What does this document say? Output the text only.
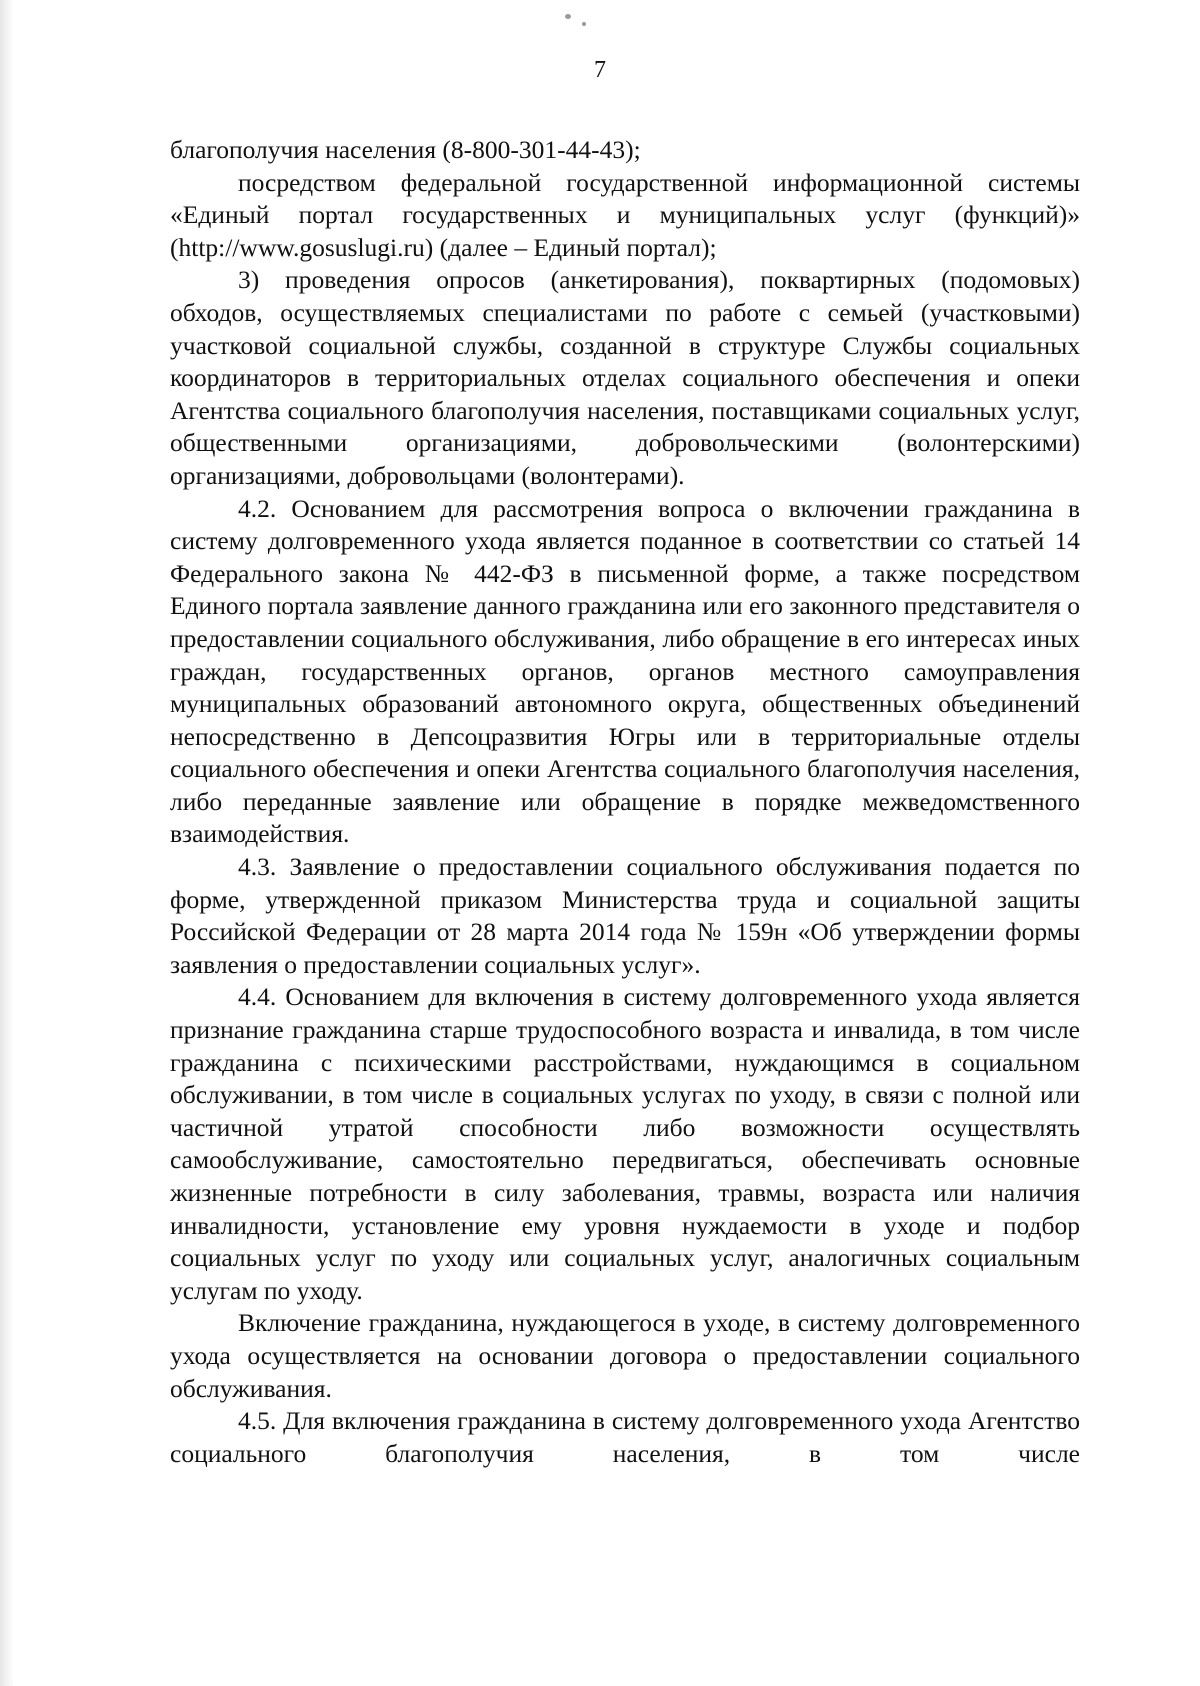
7

благополучия населения (8-800-301-44-43);

посредством федеральной государственной информационной системы «Единый портал государственных и муниципальных услуг (функций)» (http://www.gosuslugi.ru) (далее – Единый портал);

3) проведения опросов (анкетирования), поквартирных (подомовых) обходов, осуществляемых специалистами по работе с семьей (участковыми) участковой социальной службы, созданной в структуре Службы социальных координаторов в территориальных отделах социального обеспечения и опеки Агентства социального благополучия населения, поставщиками социальных услуг, общественными организациями, добровольческими (волонтерскими) организациями, добровольцами (волонтерами).

4.2. Основанием для рассмотрения вопроса о включении гражданина в систему долговременного ухода является поданное в соответствии со статьей 14 Федерального закона № 442-ФЗ в письменной форме, а также посредством Единого портала заявление данного гражданина или его законного представителя о предоставлении социального обслуживания, либо обращение в его интересах иных граждан, государственных органов, органов местного самоуправления муниципальных образований автономного округа, общественных объединений непосредственно в Депсоцразвития Югры или в территориальные отделы социального обеспечения и опеки Агентства социального благополучия населения, либо переданные заявление или обращение в порядке межведомственного взаимодействия.

4.3. Заявление о предоставлении социального обслуживания подается по форме, утвержденной приказом Министерства труда и социальной защиты Российской Федерации от 28 марта 2014 года № 159н «Об утверждении формы заявления о предоставлении социальных услуг».

4.4. Основанием для включения в систему долговременного ухода является признание гражданина старше трудоспособного возраста и инвалида, в том числе гражданина с психическими расстройствами, нуждающимся в социальном обслуживании, в том числе в социальных услугах по уходу, в связи с полной или частичной утратой способности либо возможности осуществлять самообслуживание, самостоятельно передвигаться, обеспечивать основные жизненные потребности в силу заболевания, травмы, возраста или наличия инвалидности, установление ему уровня нуждаемости в уходе и подбор социальных услуг по уходу или социальных услуг, аналогичных социальным услугам по уходу.

Включение гражданина, нуждающегося в уходе, в систему долговременного ухода осуществляется на основании договора о предоставлении социального обслуживания.

4.5. Для включения гражданина в систему долговременного ухода Агентство социального благополучия населения, в том числе
